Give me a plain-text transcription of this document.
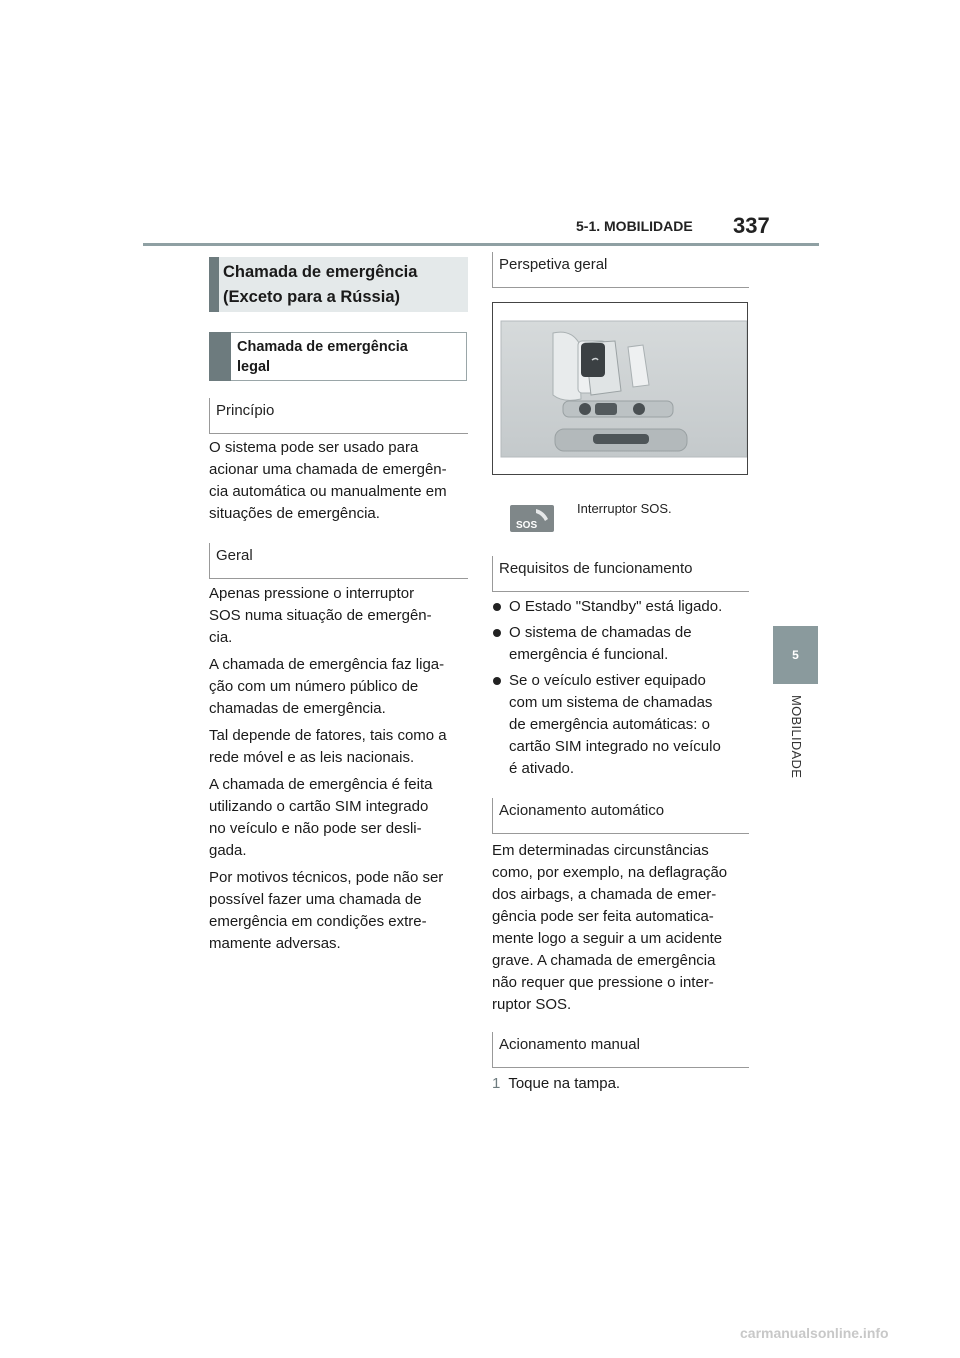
5-1. MOBILIDADE 337
5
MOBILIDADE
Chamada de emergência
(Exceto para a Rússia)
Chamada de emergência
legal
Princípio
O sistema pode ser usado para
acionar uma chamada de emergên-
cia automática ou manualmente em
situações de emergência.
Geral

Apenas pressione o interruptor
SOS numa situação de emergên-
cia.

A chamada de emergência faz liga-
ção com um número público de
chamadas de emergência.

Tal depende de fatores, tais como a
rede móvel e as leis nacionais.

A chamada de emergência é feita
utilizando o cartão SIM integrado
no veículo e não pode ser desli-
gada.

Por motivos técnicos, pode não ser
possível fazer uma chamada de
emergência em condições extre-
mamente adversas.

Perspetiva geral
SOS
Interruptor SOS.
Requisitos de funcionamento
O Estado "Standby" está ligado.
O sistema de chamadas de
emergência é funcional.
Se o veículo estiver equipado
com um sistema de chamadas
de emergência automáticas: o
cartão SIM integrado no veículo
é ativado.
Acionamento automático
Em determinadas circunstâncias
como, por exemplo, na deflagração
dos airbags, a chamada de emer-
gência pode ser feita automatica-
mente logo a seguir a um acidente
grave. A chamada de emergência
não requer que pressione o inter-
ruptor SOS.
Acionamento manual
1 Toque na tampa.
carmanualsonline.info
